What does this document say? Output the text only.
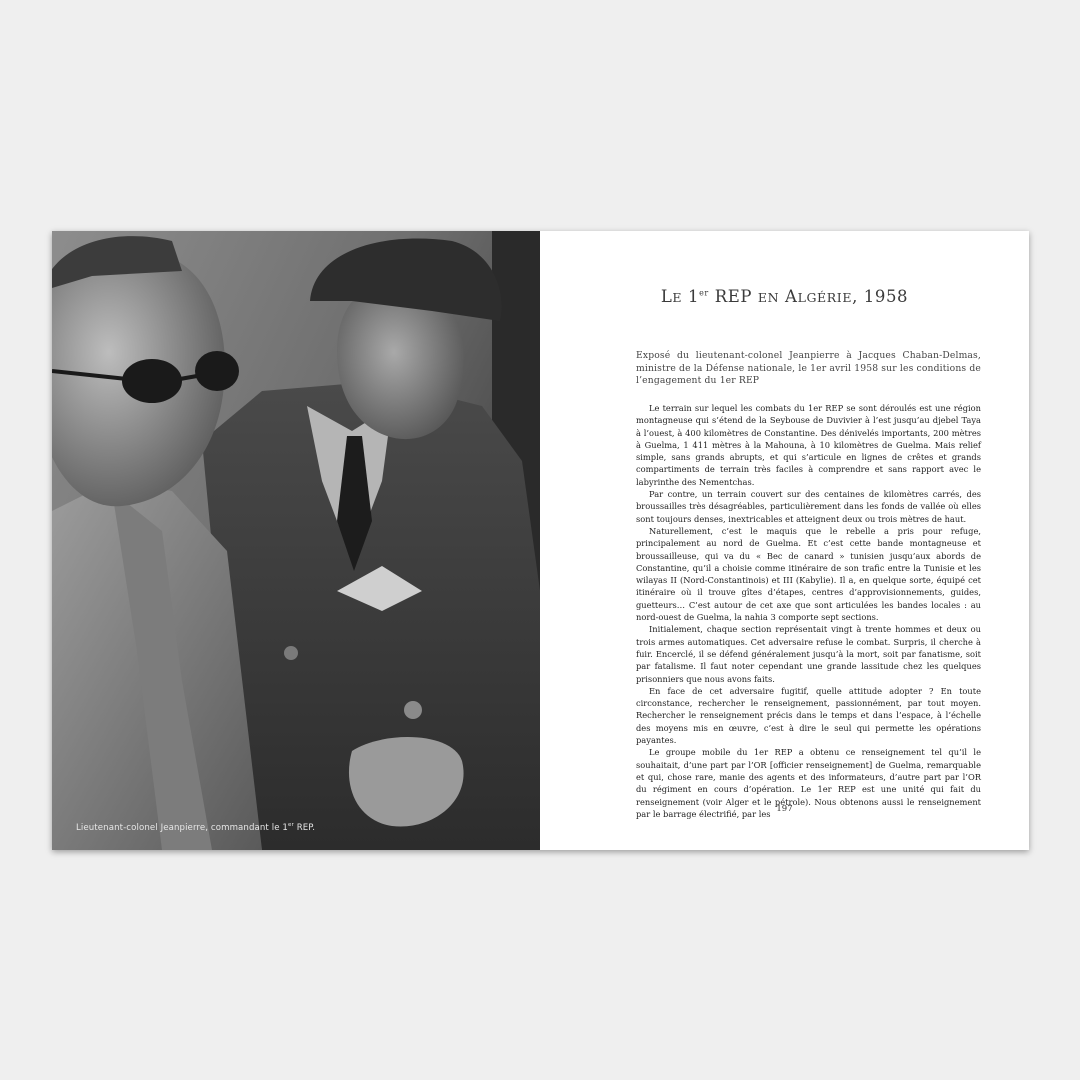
Lieutenant-colonel Jeanpierre, commandant le 1er REP.
LE 1er REP EN ALGÉRIE, 1958

Exposé du lieutenant-colonel Jeanpierre à Jacques Chaban-Delmas, ministre de la Défense nationale, le 1er avril 1958 sur les conditions de l’engagement du 1er REP

Le terrain sur lequel les combats du 1er REP se sont déroulés est une région montagneuse qui s’étend de la Seybouse de Duvivier à l’est jusqu’au djebel Taya à l’ouest, à 400 kilomètres de Constantine. Des dénivelés importants, 200 mètres à Guelma, 1 411 mètres à la Mahouna, à 10 kilomètres de Guelma. Mais relief simple, sans grands abrupts, et qui s’articule en lignes de crêtes et grands compartiments de terrain très faciles à comprendre et sans rapport avec le labyrinthe des Nementchas.

Par contre, un terrain couvert sur des centaines de kilomètres carrés, des broussailles très désagréables, particulièrement dans les fonds de vallée où elles sont toujours denses, inextricables et atteignent deux ou trois mètres de haut.

Naturellement, c’est le maquis que le rebelle a pris pour refuge, principalement au nord de Guelma. Et c’est cette bande montagneuse et broussailleuse, qui va du « Bec de canard » tunisien jusqu’aux abords de Constantine, qu’il a choisie comme itinéraire de son trafic entre la Tunisie et les wilayas II (Nord-Constantinois) et III (Kabylie). Il a, en quelque sorte, équipé cet itinéraire où il trouve gîtes d’étapes, centres d’approvisionnements, guides, guetteurs… C’est autour de cet axe que sont articulées les bandes locales : au nord-ouest de Guelma, la nahia 3 comporte sept sections.

Initialement, chaque section représentait vingt à trente hommes et deux ou trois armes automatiques. Cet adversaire refuse le combat. Surpris, il cherche à fuir. Encerclé, il se défend généralement jusqu’à la mort, soit par fanatisme, soit par fatalisme. Il faut noter cependant une grande lassitude chez les quelques prisonniers que nous avons faits.

En face de cet adversaire fugitif, quelle attitude adopter ? En toute circonstance, rechercher le renseignement, passionnément, par tout moyen. Rechercher le renseignement précis dans le temps et dans l’espace, à l’échelle des moyens mis en œuvre, c’est à dire le seul qui permette les opérations payantes.

Le groupe mobile du 1er REP a obtenu ce renseignement tel qu’il le souhaitait, d’une part par l’OR [officier renseignement] de Guelma, remarquable et qui, chose rare, manie des agents et des informateurs, d’autre part par l’OR du régiment en cours d’opération. Le 1er REP est une unité qui fait du renseignement (voir Alger et le pétrole). Nous obtenons aussi le renseignement par le barrage électrifié, par les 197
